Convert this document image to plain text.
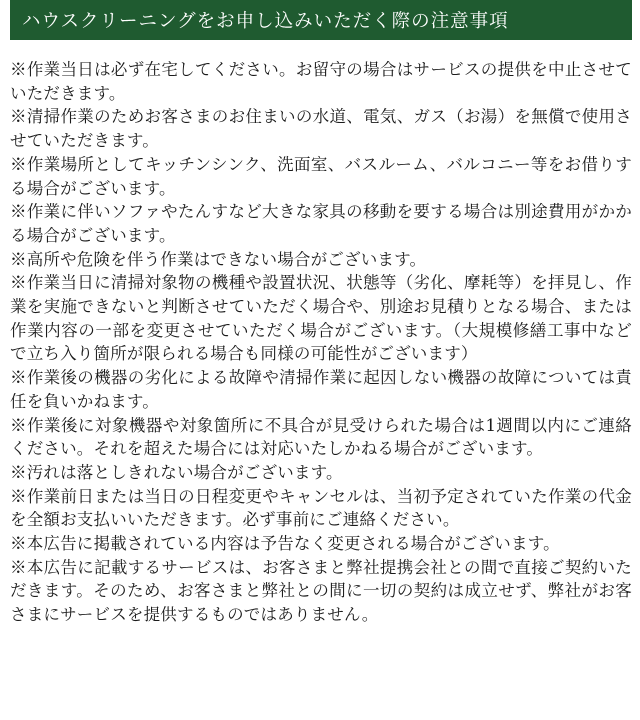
ハウスクリーニングをお申し込みいただく際の注意事項
※作業当日は必ず在宅してください。お留守の場合はサービスの提供を中止させていただきます。
※清掃作業のためお客さまのお住まいの水道、電気、ガス（お湯）を無償で使用させていただきます。
※作業場所としてキッチンシンク、洗面室、バスルーム、バルコニー等をお借りする場合がございます。
※作業に伴いソファやたんすなど大きな家具の移動を要する場合は別途費用がかかる場合がございます。
※高所や危険を伴う作業はできない場合がございます。
※作業当日に清掃対象物の機種や設置状況、状態等（劣化、摩耗等）を拝見し、作業を実施できないと判断させていただく場合や、別途お見積りとなる場合、または作業内容の一部を変更させていただく場合がございます。（大規模修繕工事中などで立ち入り箇所が限られる場合も同様の可能性がございます）
※作業後の機器の劣化による故障や清掃作業に起因しない機器の故障については責任を負いかねます。
※作業後に対象機器や対象箇所に不具合が見受けられた場合は1週間以内にご連絡ください。それを超えた場合には対応いたしかねる場合がございます。
※汚れは落としきれない場合がございます。
※作業前日または当日の日程変更やキャンセルは、当初予定されていた作業の代金を全額お支払いいただきます。必ず事前にご連絡ください。
※本広告に掲載されている内容は予告なく変更される場合がございます。
※本広告に記載するサービスは、お客さまと弊社提携会社との間で直接ご契約いただきます。そのため、お客さまと弊社との間に一切の契約は成立せず、弊社がお客さまにサービスを提供するものではありません。
